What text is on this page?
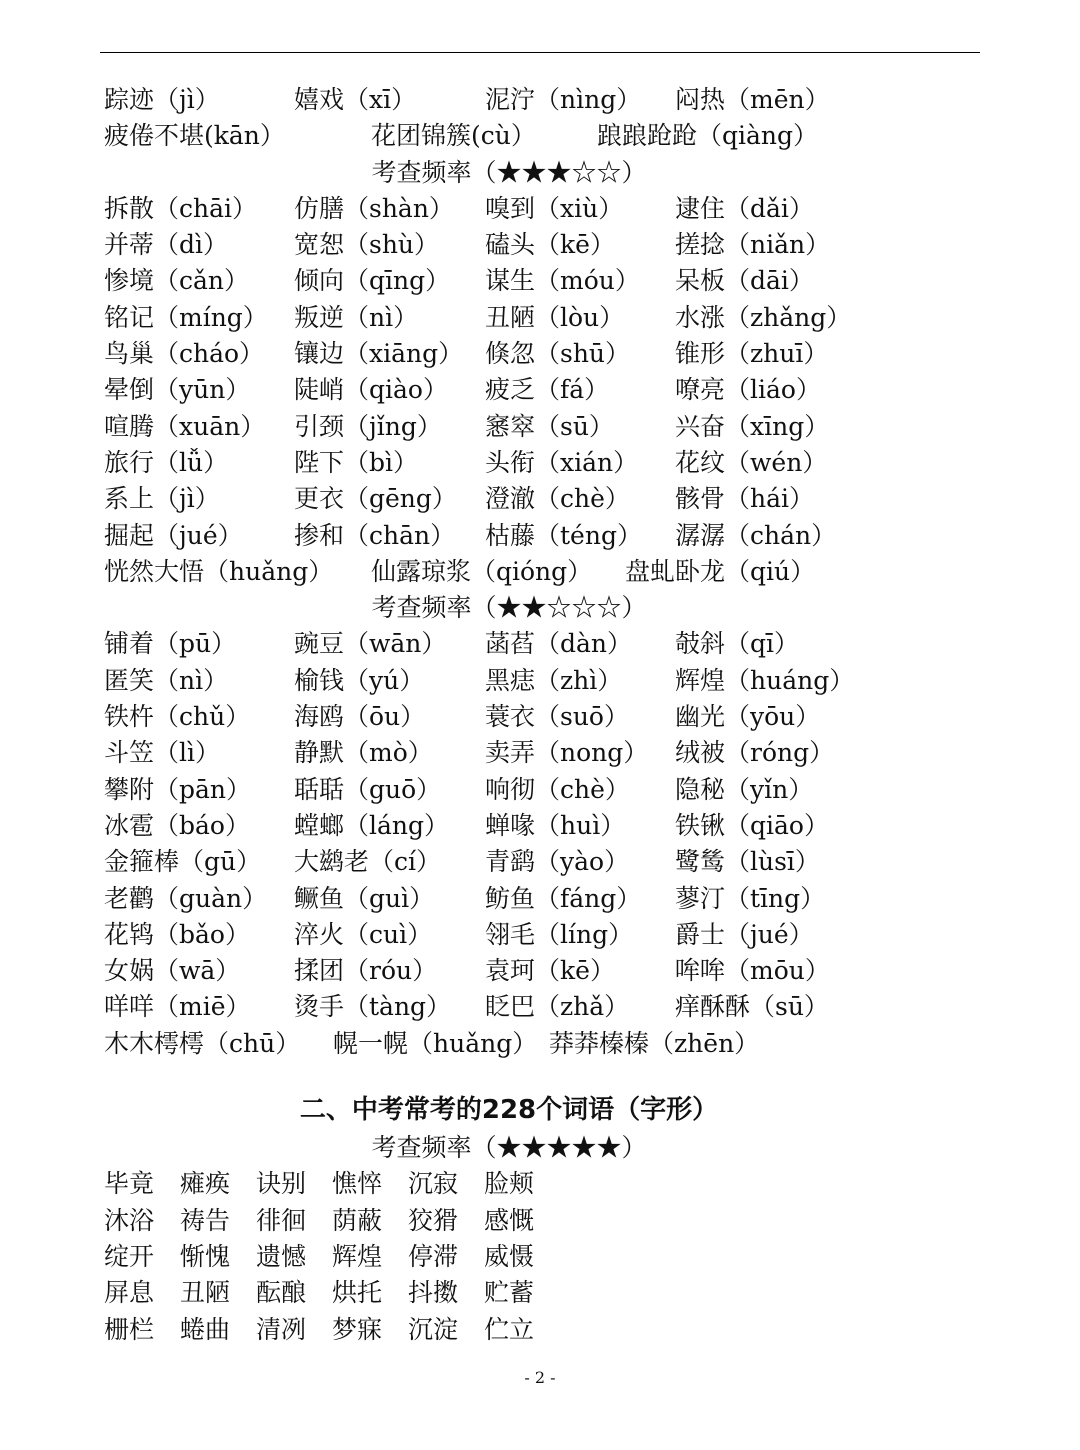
踪迹（jì）	嬉戏（xī）	泥泞（nìng） 闷热（mēn）
疲倦不堪(kān）	花团锦簇(cù） 踉踉跄跄（qiàng）
考查频率（★★★☆☆）
拆散（chāi） 仿膳（shàn） 嗅到（xiù） 逮住（dǎi）
并蒂（dì）	宽恕（shù） 磕头（kē） 搓捻（niǎn）
惨境（cǎn） 倾向（qīng） 谋生（móu） 呆板（dāi）
铭记（míng） 叛逆（nì）	丑陋（lòu） 水涨（zhǎng）
鸟巢（cháo） 镶边（xiāng） 倏忽（shū） 锥形（zhuī）
晕倒（yūn） 陡峭（qiào） 疲乏（fá）	嘹亮（liáo）
喧腾（xuān） 引颈（jǐng） 窸窣（sū） 兴奋（xīng）
旅行（lǚ）	陛下（bì）	头衔（xián） 花纹（wén）
系上（jì）	更衣（gēng） 澄澈（chè） 骸骨（hái）
掘起（jué） 掺和（chān） 枯藤（téng） 潺潺（chán）
恍然大悟（huǎng） 仙露琼浆（qióng） 盘虬卧龙（qiú）
考查频率（★★☆☆☆）
铺着（pū） 豌豆（wān） 菡萏（dàn） 攲斜（qī）
匿笑（nì）	榆钱（yú） 黑痣（zhì） 辉煌（huáng）
铁杵（chǔ） 海鸥（ōu） 蓑衣（suō） 幽光（yōu）
斗笠（lì）	静默（mò） 卖弄（nong） 绒被（róng）
攀附（pān） 聒聒（guō） 响彻（chè） 隐秘（yǐn）
冰雹（báo） 螳螂（láng） 蝉喙（huì） 铁锹（qiāo）
金箍棒（gū） 大鹚老（cí） 青鹞（yào） 鹭鸶（lùsī）
老鹳（guàn） 鳜鱼（guì） 鲂鱼（fáng） 蓼汀（tīng）
花鸨（bǎo） 淬火（cuì） 翎毛（líng） 爵士（jué）
女娲（wā） 揉团（róu） 袁珂（kē） 哞哞（mōu）
咩咩（miē） 烫手（tàng） 眨巴（zhǎ） 痒酥酥（sū）
木木樗樗（chū） 幌一幌（huǎng） 莽莽榛榛（zhēn）
二、中考常考的228个词语（字形）
考查频率（★★★★★）
毕竟 瘫痪 诀别 憔悴 沉寂 脸颊
沐浴 祷告 徘徊 荫蔽 狡猾 感慨
绽开 惭愧 遗憾 辉煌 停滞 威慑
屏息 丑陋 酝酿 烘托 抖擞 贮蓄
栅栏 蜷曲 清冽 梦寐 沉淀 伫立
- 2 -
